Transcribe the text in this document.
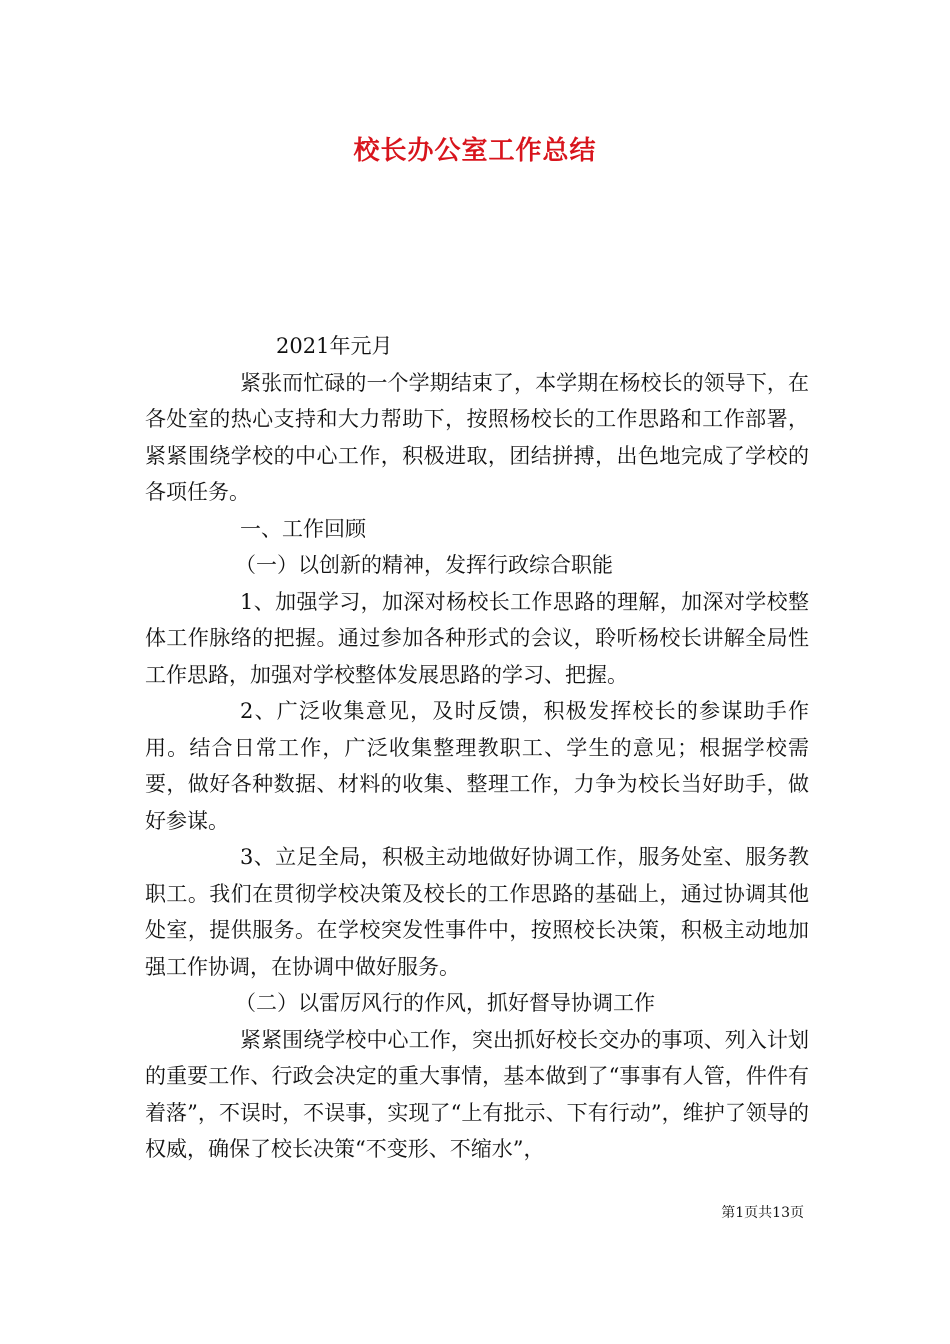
校长办公室工作总结

2021年元月

紧张而忙碌的一个学期结束了，本学期在杨校长的领导下，在各处室的热心支持和大力帮助下，按照杨校长的工作思路和工作部署，紧紧围绕学校的中心工作，积极进取，团结拼搏，出色地完成了学校的各项任务。

一、工作回顾

（一）以创新的精神，发挥行政综合职能

1、加强学习，加深对杨校长工作思路的理解，加深对学校整体工作脉络的把握。通过参加各种形式的会议，聆听杨校长讲解全局性工作思路，加强对学校整体发展思路的学习、把握。

2、广泛收集意见，及时反馈，积极发挥校长的参谋助手作用。结合日常工作，广泛收集整理教职工、学生的意见；根据学校需要，做好各种数据、材料的收集、整理工作，力争为校长当好助手，做好参谋。

3、立足全局，积极主动地做好协调工作，服务处室、服务教职工。我们在贯彻学校决策及校长的工作思路的基础上，通过协调其他处室，提供服务。在学校突发性事件中，按照校长决策，积极主动地加强工作协调，在协调中做好服务。

（二）以雷厉风行的作风，抓好督导协调工作

紧紧围绕学校中心工作，突出抓好校长交办的事项、列入计划的重要工作、行政会决定的重大事情，基本做到了“事事有人管，件件有着落”，不误时，不误事，实现了“上有批示、下有行动”，维护了领导的权威，确保了校长决策“不变形、不缩水”，

第1页共13页
